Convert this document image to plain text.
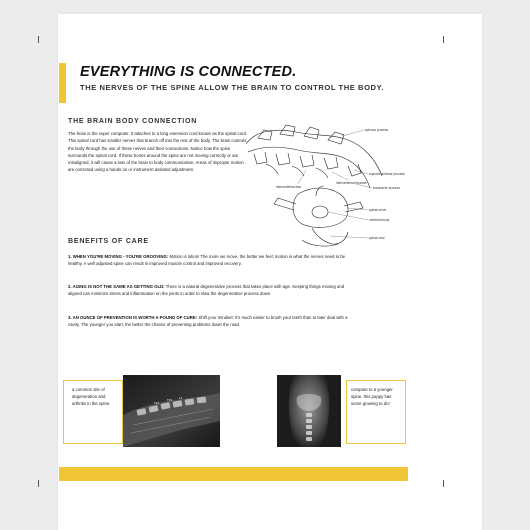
EVERYTHING IS CONNECTED.

THE NERVES OF THE SPINE ALLOW THE BRAIN TO CONTROL THE BODY.

THE BRAIN BODY CONNECTION

The brain is the super computer. It attaches to a long extension cord known as the spinal cord. This spinal cord has smaller nerves that branch off into the rest of the body. The brain controls the body through the use of these nerves and their connections. Notice how the spine surrounds the spinal cord. If these bones around the spine are not moving correctly or are misaligned, it will cause a loss of the brain to body communication. Areas of improper motion are corrected using a hands on or instrument assisted adjustment.

spinous process
intervertebral disc
intervertebral foramen
superior articular process
transverse process
spinal nerve
vertebral body
spinal cord
BENEFITS OF CARE

1. WHEN YOU'RE MOVING - YOU'RE GROOVING: Motion is lotion! The more we move, the better we feel; motion is what the nerves need to be healthy. A well adjusted spine can result in improved muscle control and improved recovery.

2. AGING IS NOT THE SAME AS GETTING OLD: There is a natural degenerative process that takes place with age. Keeping things moving and aligned can minimize stress and inflammation on the joints in order to slow the degenerative process down.

3. AN OUNCE OF PREVENTION IS WORTH A POUND OF CURE: Shift your mindset: it's much easier to brush your teeth than to later deal with a cavity. The younger you start, the better the chance of preventing problems down the road.

a common site of degeneration and arthritis in the spine.	T12
T13 L1

compare to a younger spine. this puppy has some growing to do!
